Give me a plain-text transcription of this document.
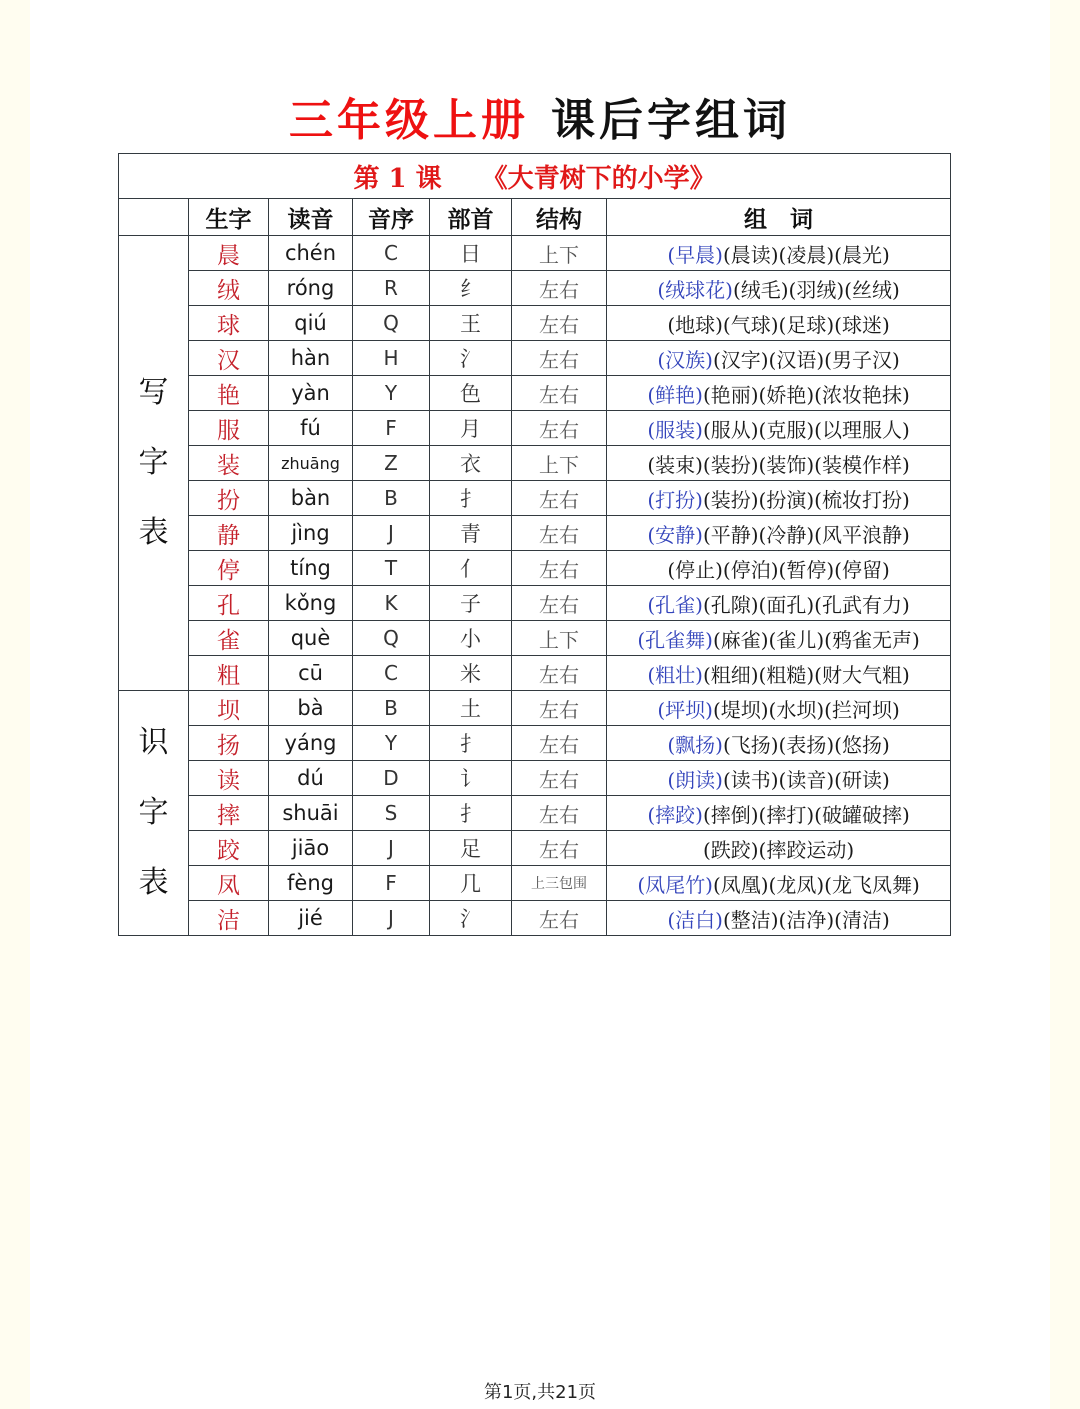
三年级上册 课后字组词
第 1 课 《大青树下的小学》						
	生字	读音	音序	部首	结构	组　词

写
字
表	晨	chén	C	日	上下	(早晨)(晨读)(凌晨)(晨光)
	绒	róng	R	纟	左右	(绒球花)(绒毛)(羽绒)(丝绒)
	球	qiú	Q	王	左右	(地球)(气球)(足球)(球迷)
	汉	hàn	H	氵	左右	(汉族)(汉字)(汉语)(男子汉)
	艳	yàn	Y	色	左右	(鲜艳)(艳丽)(娇艳)(浓妆艳抹)
	服	fú	F	月	左右	(服装)(服从)(克服)(以理服人)
	装	zhuāng	Z	衣	上下	(装束)(装扮)(装饰)(装模作样)
	扮	bàn	B	扌	左右	(打扮)(装扮)(扮演)(梳妆打扮)
	静	jìng	J	青	左右	(安静)(平静)(冷静)(风平浪静)
	停	tíng	T	亻	左右	(停止)(停泊)(暂停)(停留)
	孔	kǒng	K	子	左右	(孔雀)(孔隙)(面孔)(孔武有力)
	雀	què	Q	小	上下	(孔雀舞)(麻雀)(雀儿)(鸦雀无声)
	粗	cū	C	米	左右	(粗壮)(粗细)(粗糙)(财大气粗)

识
字
表	坝	bà	B	土	左右	(坪坝)(堤坝)(水坝)(拦河坝)
	扬	yáng	Y	扌	左右	(飘扬)(飞扬)(表扬)(悠扬)
	读	dú	D	讠	左右	(朗读)(读书)(读音)(研读)
	摔	shuāi	S	扌	左右	(摔跤)(摔倒)(摔打)(破罐破摔)
	跤	jiāo	J	足	左右	(跌跤)(摔跤运动)
	凤	fèng	F	几	上三包围	(凤尾竹)(凤凰)(龙凤)(龙飞凤舞)
	洁	jié	J	氵	左右	(洁白)(整洁)(洁净)(清洁)
第1页,共21页
